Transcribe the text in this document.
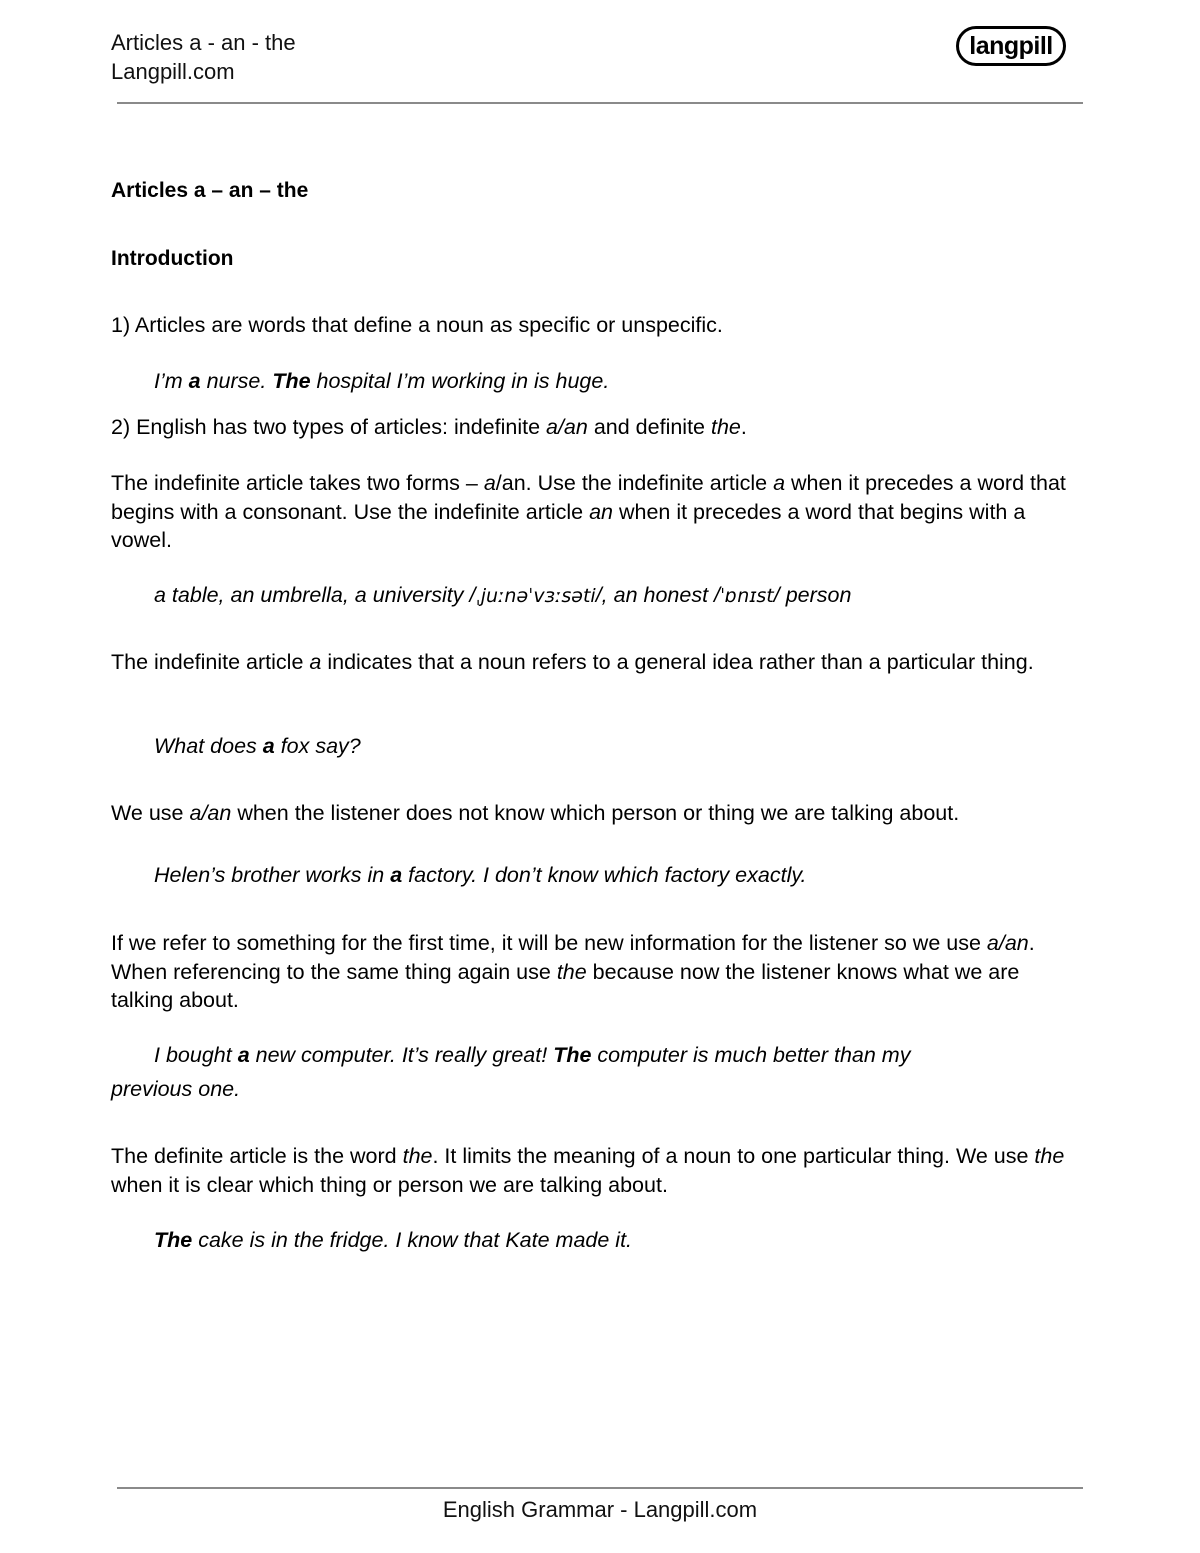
Articles a - an - the
Langpill.com
langpill
Articles a – an – the
Introduction
1) Articles are words that define a noun as specific or unspecific.
I’m a nurse. The hospital I’m working in is huge.
2) English has two types of articles: indefinite a/an and definite the.
The indefinite article takes two forms – a/an. Use the indefinite article a when it precedes a word that begins with a consonant. Use the indefinite article an when it precedes a word that begins with a vowel.
a table, an umbrella, a university /ˌjuːnəˈvɜːsəti/, an honest /ˈɒnɪst/ person
The indefinite article a indicates that a noun refers to a general idea rather than a particular thing.
What does a fox say?
We use a/an when the listener does not know which person or thing we are talking about.
Helen’s brother works in a factory. I don’t know which factory exactly.
If we refer to something for the first time, it will be new information for the listener so we use a/an. When referencing to the same thing again use the because now the listener knows what we are talking about.
I bought a new computer. It’s really great! The computer is much better than my
previous one.
The definite article is the word the. It limits the meaning of a noun to one particular thing. We use the when it is clear which thing or person we are talking about.
The cake is in the fridge. I know that Kate made it.
English Grammar - Langpill.com
